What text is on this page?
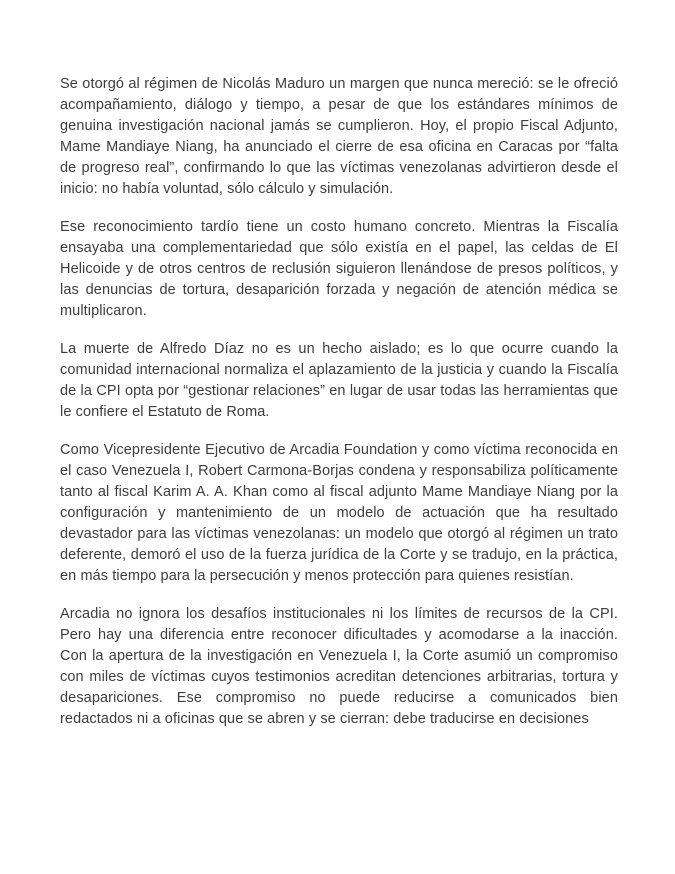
Se otorgó al régimen de Nicolás Maduro un margen que nunca mereció: se le ofreció acompañamiento, diálogo y tiempo, a pesar de que los estándares mínimos de genuina investigación nacional jamás se cumplieron. Hoy, el propio Fiscal Adjunto, Mame Mandiaye Niang, ha anunciado el cierre de esa oficina en Caracas por “falta de progreso real”, confirmando lo que las víctimas venezolanas advirtieron desde el inicio: no había voluntad, sólo cálculo y simulación.

Ese reconocimiento tardío tiene un costo humano concreto. Mientras la Fiscalía ensayaba una complementariedad que sólo existía en el papel, las celdas de El Helicoide y de otros centros de reclusión siguieron llenándose de presos políticos, y las denuncias de tortura, desaparición forzada y negación de atención médica se multiplicaron.

La muerte de Alfredo Díaz no es un hecho aislado; es lo que ocurre cuando la comunidad internacional normaliza el aplazamiento de la justicia y cuando la Fiscalía de la CPI opta por “gestionar relaciones” en lugar de usar todas las herramientas que le confiere el Estatuto de Roma.

Como Vicepresidente Ejecutivo de Arcadia Foundation y como víctima reconocida en el caso Venezuela I, Robert Carmona-Borjas condena y responsabiliza políticamente tanto al fiscal Karim A. A. Khan como al fiscal adjunto Mame Mandiaye Niang por la configuración y mantenimiento de un modelo de actuación que ha resultado devastador para las víctimas venezolanas: un modelo que otorgó al régimen un trato deferente, demoró el uso de la fuerza jurídica de la Corte y se tradujo, en la práctica, en más tiempo para la persecución y menos protección para quienes resistían.

Arcadia no ignora los desafíos institucionales ni los límites de recursos de la CPI. Pero hay una diferencia entre reconocer dificultades y acomodarse a la inacción. Con la apertura de la investigación en Venezuela I, la Corte asumió un compromiso con miles de víctimas cuyos testimonios acreditan detenciones arbitrarias, tortura y desapariciones. Ese compromiso no puede reducirse a comunicados bien redactados ni a oficinas que se abren y se cierran: debe traducirse en decisiones
